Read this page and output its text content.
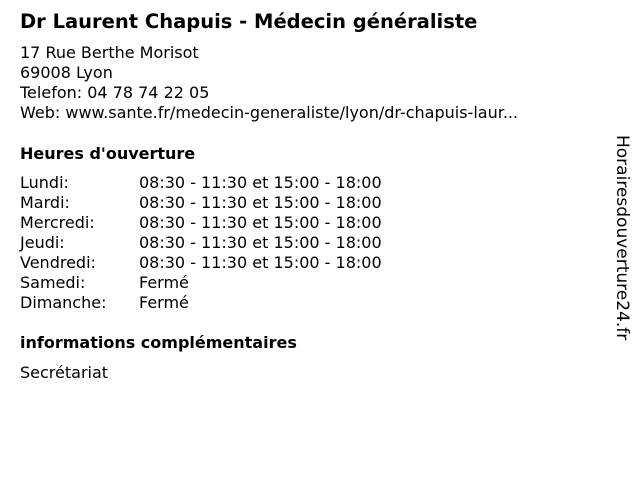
Dr Laurent Chapuis - Médecin généraliste
17 Rue Berthe Morisot
69008 Lyon
Telefon: 04 78 74 22 05
Web: www.sante.fr/medecin-generaliste/lyon/dr-chapuis-laur...
Heures d'ouverture
Lundi:	08:30 - 11:30 et 15:00 - 18:00
Mardi:	08:30 - 11:30 et 15:00 - 18:00
Mercredi:	08:30 - 11:30 et 15:00 - 18:00
Jeudi:	08:30 - 11:30 et 15:00 - 18:00
Vendredi:	08:30 - 11:30 et 15:00 - 18:00
Samedi:	Fermé
Dimanche:	Fermé
informations complémentaires
Secrétariat
Horairesdouverture24.fr
